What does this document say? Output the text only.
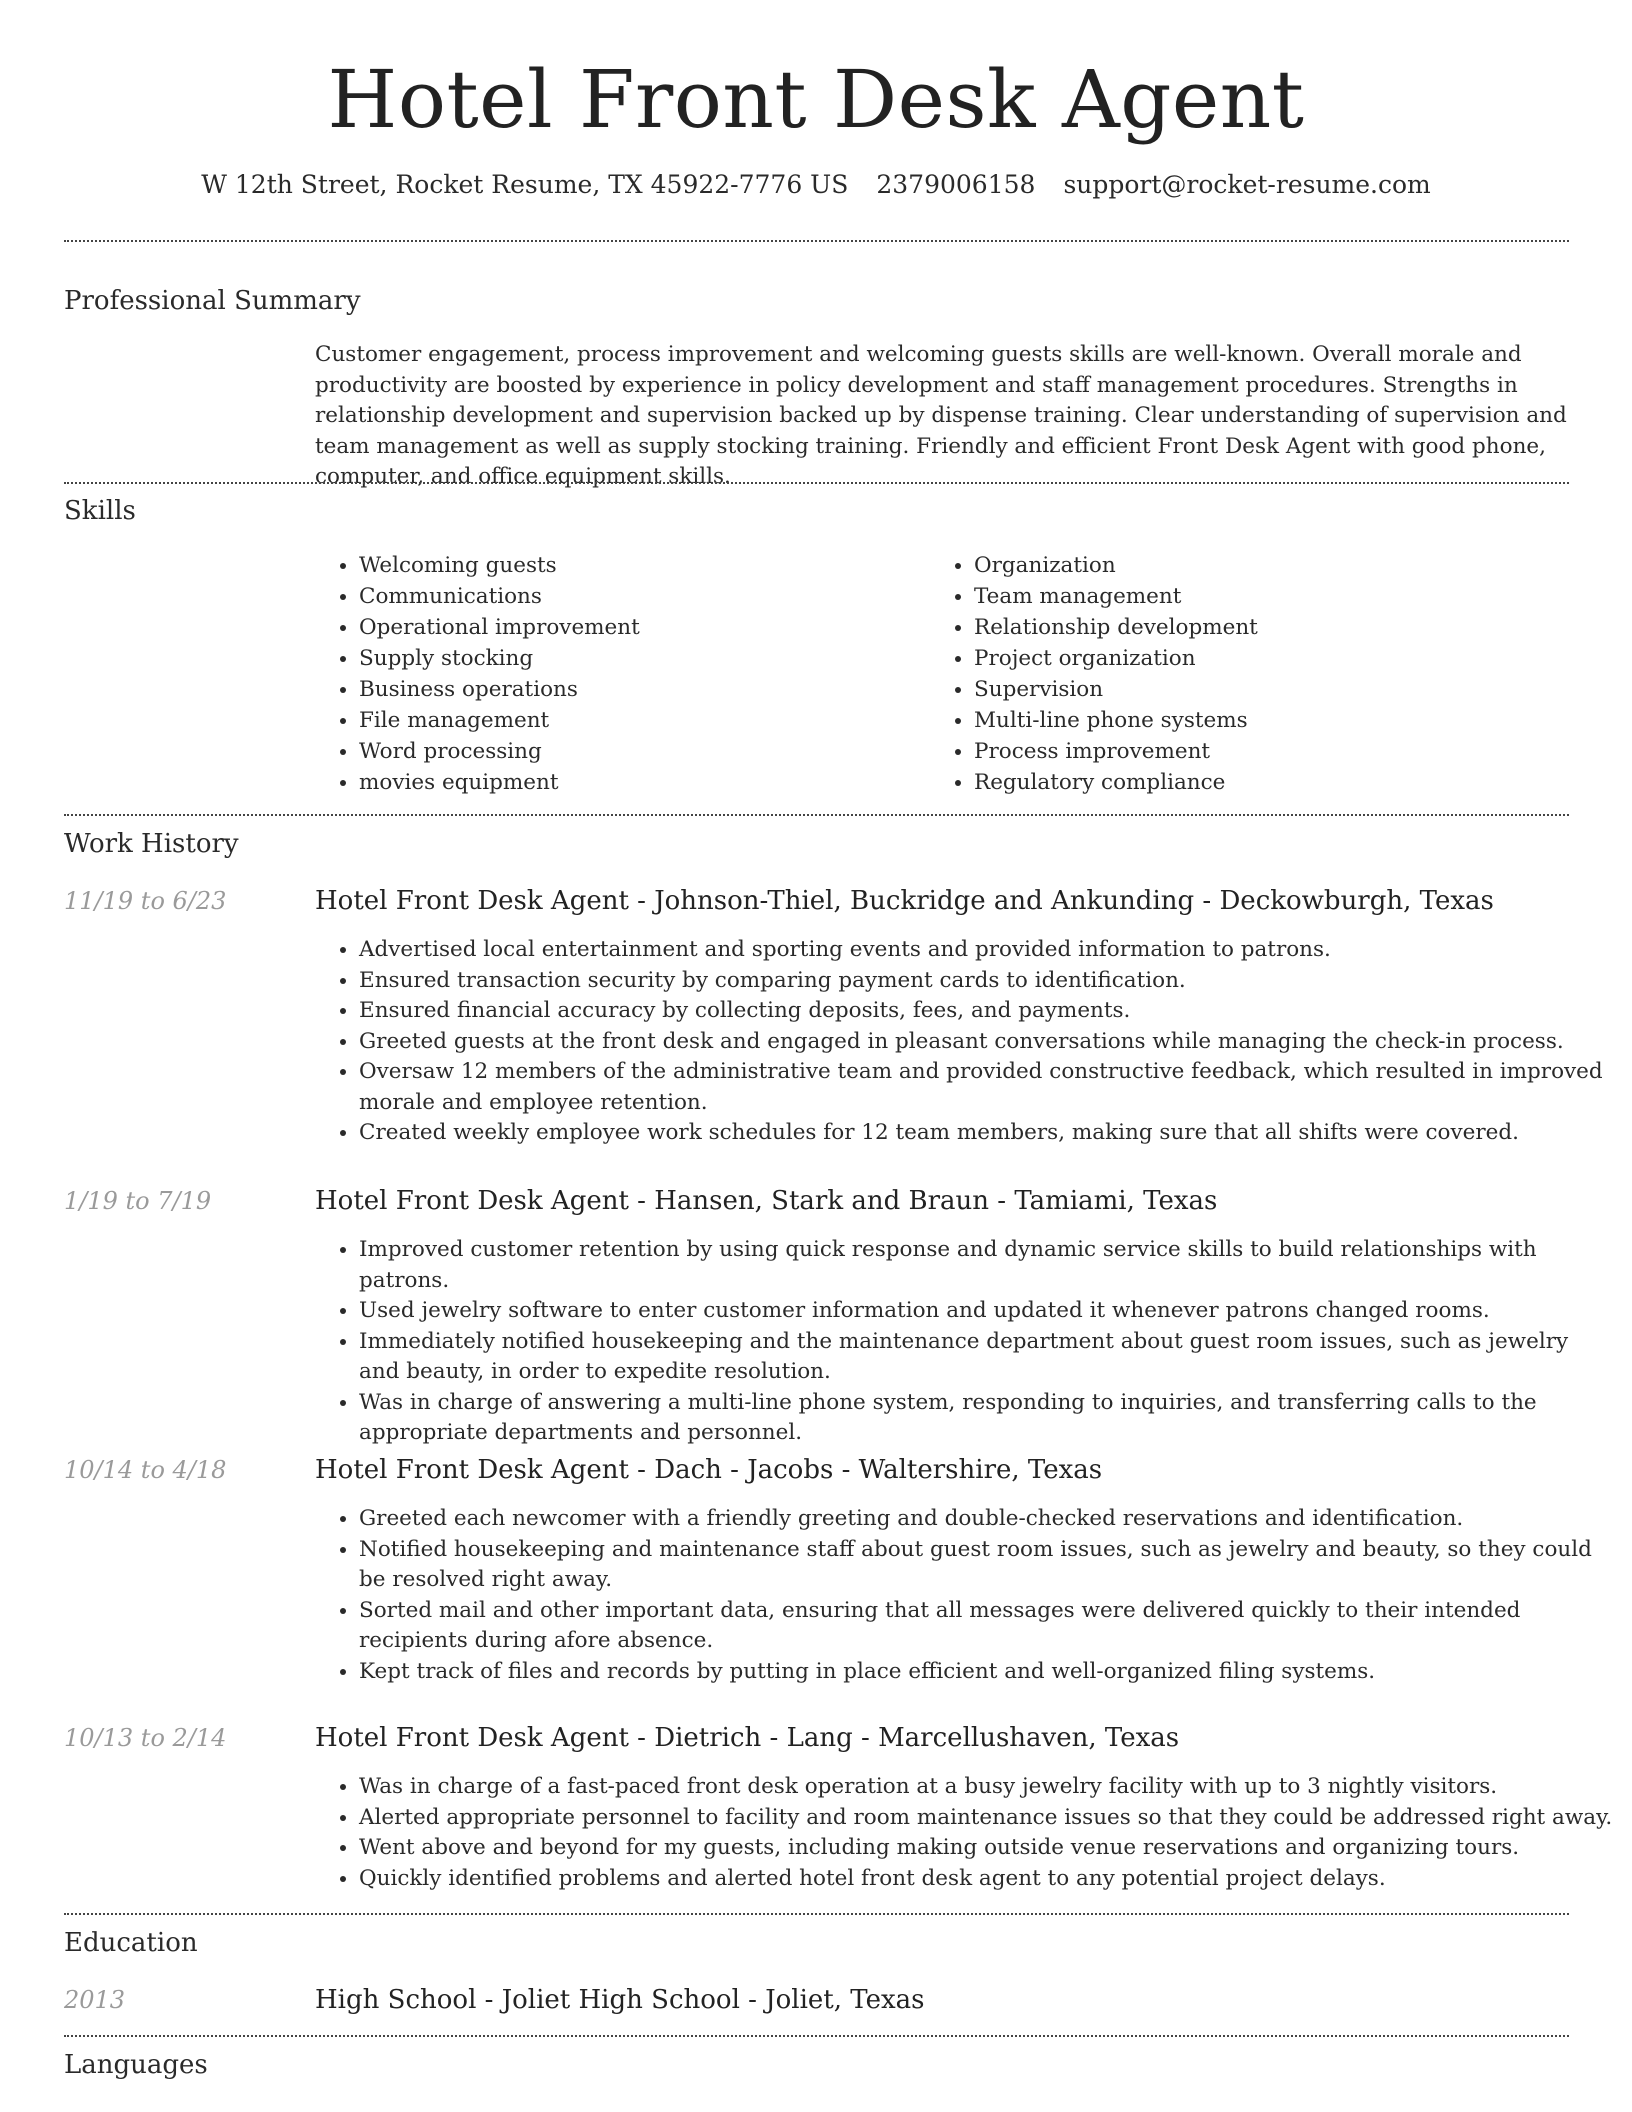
Hotel Front Desk Agent
W 12th Street, Rocket Resume, TX 45922-7776 US 2379006158 support@rocket-resume.com
Professional Summary
Customer engagement, process improvement and welcoming guests skills are well-known. Overall morale and productivity are boosted by experience in policy development and staff management procedures. Strengths in relationship development and supervision backed up by dispense training. Clear understanding of supervision and team management as well as supply stocking training. Friendly and efficient Front Desk Agent with good phone, computer, and office equipment skills.
Skills
• Welcoming guests
• Communications
• Operational improvement
• Supply stocking
• Business operations
• File management
• Word processing
• movies equipment
• Organization
• Team management
• Relationship development
• Project organization
• Supervision
• Multi-line phone systems
• Process improvement
• Regulatory compliance
Work History
11/19 to 6/23	Hotel Front Desk Agent - Johnson-Thiel, Buckridge and Ankunding - Deckowburgh, Texas
• Advertised local entertainment and sporting events and provided information to patrons.
• Ensured transaction security by comparing payment cards to identification.
• Ensured financial accuracy by collecting deposits, fees, and payments.
• Greeted guests at the front desk and engaged in pleasant conversations while managing the check-in process.
• Oversaw 12 members of the administrative team and provided constructive feedback, which resulted in improved morale and employee retention.
• Created weekly employee work schedules for 12 team members, making sure that all shifts were covered.
1/19 to 7/19	Hotel Front Desk Agent - Hansen, Stark and Braun - Tamiami, Texas
• Improved customer retention by using quick response and dynamic service skills to build relationships with patrons.
• Used jewelry software to enter customer information and updated it whenever patrons changed rooms.
• Immediately notified housekeeping and the maintenance department about guest room issues, such as jewelry and beauty, in order to expedite resolution.
• Was in charge of answering a multi-line phone system, responding to inquiries, and transferring calls to the appropriate departments and personnel.
10/14 to 4/18	Hotel Front Desk Agent - Dach - Jacobs - Waltershire, Texas
• Greeted each newcomer with a friendly greeting and double-checked reservations and identification.
• Notified housekeeping and maintenance staff about guest room issues, such as jewelry and beauty, so they could be resolved right away.
• Sorted mail and other important data, ensuring that all messages were delivered quickly to their intended recipients during afore absence.
• Kept track of files and records by putting in place efficient and well-organized filing systems.
10/13 to 2/14	Hotel Front Desk Agent - Dietrich - Lang - Marcellushaven, Texas
• Was in charge of a fast-paced front desk operation at a busy jewelry facility with up to 3 nightly visitors.
• Alerted appropriate personnel to facility and room maintenance issues so that they could be addressed right away.
• Went above and beyond for my guests, including making outside venue reservations and organizing tours.
• Quickly identified problems and alerted hotel front desk agent to any potential project delays.
Education
2013	High School - Joliet High School - Joliet, Texas
Languages
